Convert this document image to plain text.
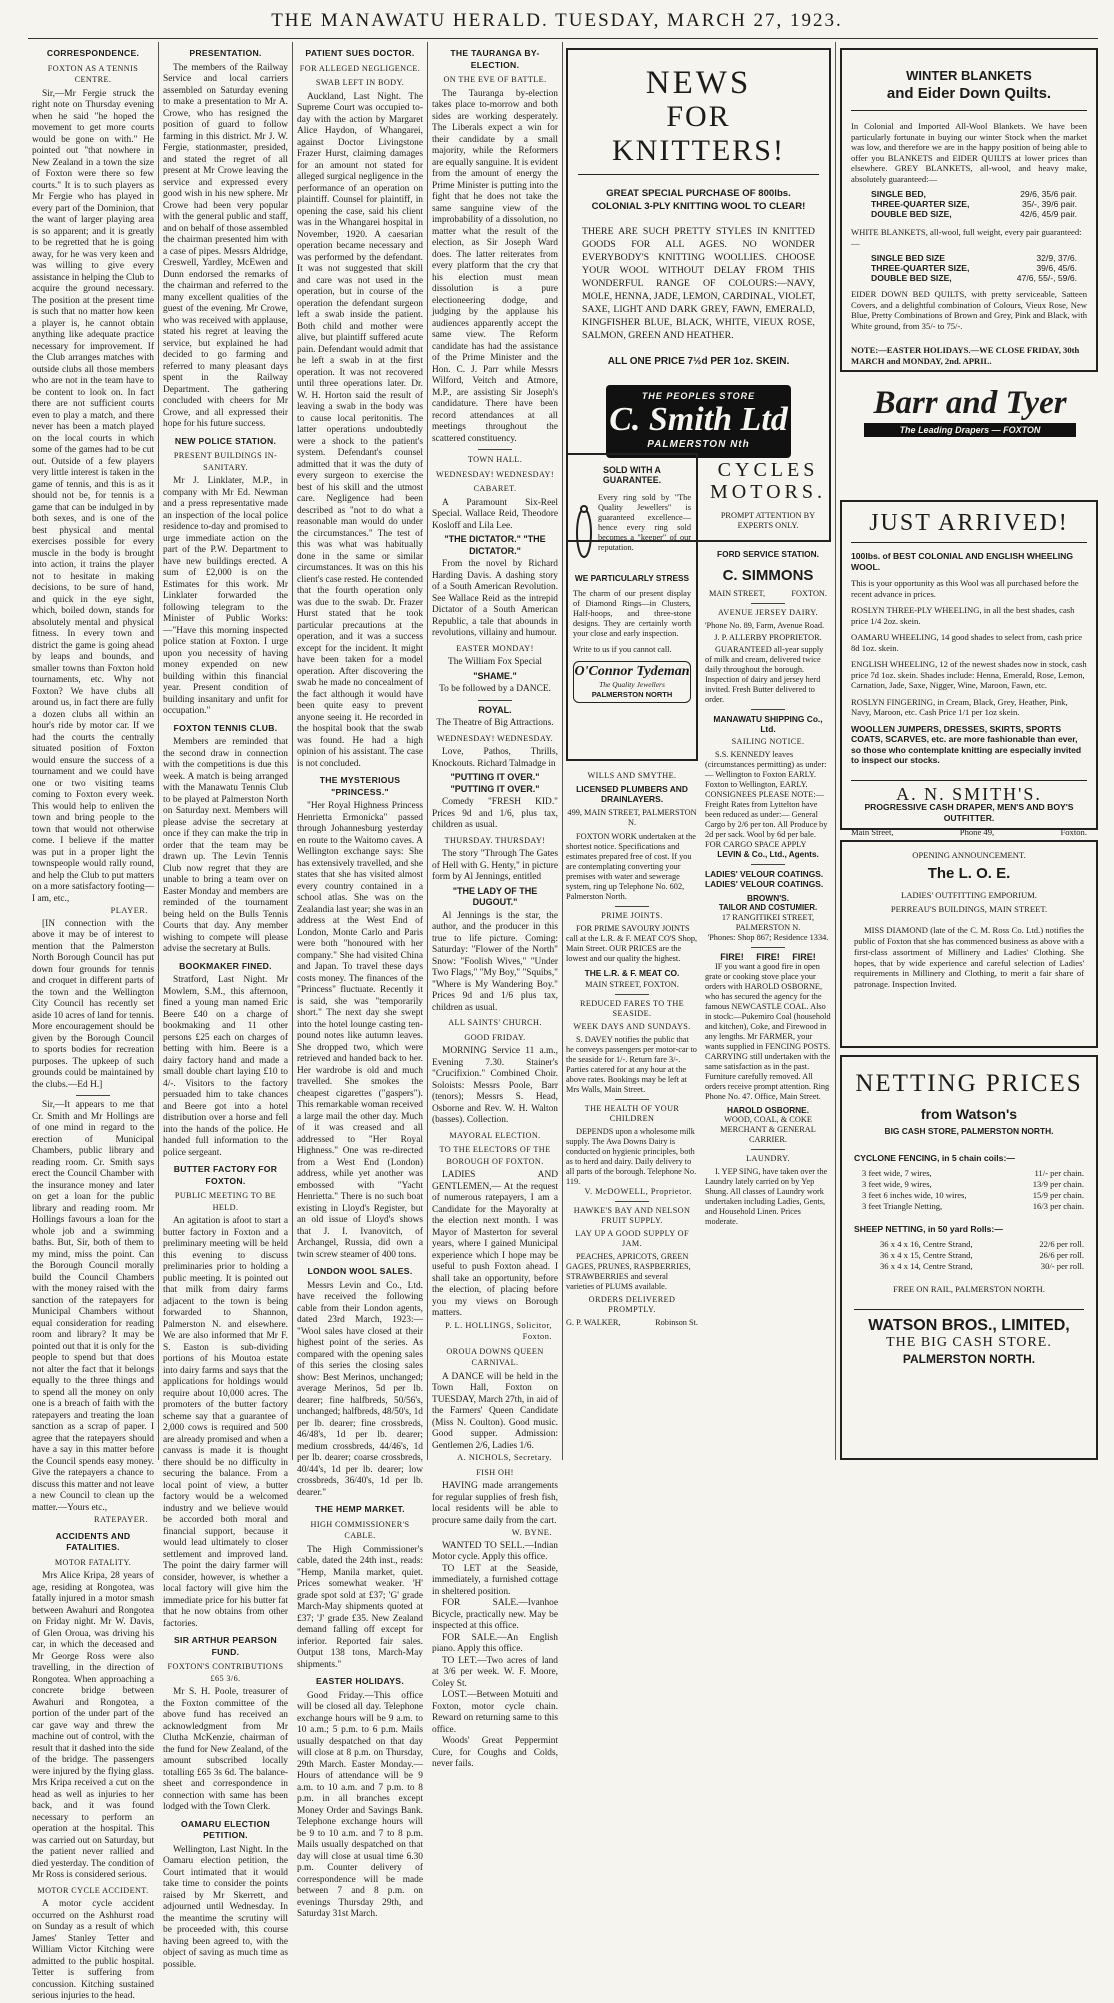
THE MANAWATU HERALD. TUESDAY, MARCH 27, 1923.
CORRESPONDENCE.
FOXTON AS A TENNIS CENTRE.

Sir,—Mr Fergie struck the right note on Thursday evening when he said "he hoped the movement to get more courts would be gone on with." He pointed out "that nowhere in New Zealand in a town the size of Foxton were there so few courts." It is to such players as Mr Fergie who has played in every part of the Dominion, that the want of larger playing area is so apparent; and it is greatly to be regretted that he is going away, for he was very keen and was willing to give every assistance in helping the Club to acquire the ground necessary. The position at the present time is such that no matter how keen a player is, he cannot obtain anything like adequate practice necessary for improvement. If the Club arranges matches with outside clubs all those members who are not in the team have to be content to look on. In fact there are not sufficient courts even to play a match, and there never has been a match played on the local courts in which some of the games had to be cut out. Outside of a few players very little interest is taken in the game of tennis, and this is as it should not be, for tennis is a game that can be indulged in by both sexes, and is one of the best physical and mental exercises possible for every muscle in the body is brought into action, it trains the player not to hesitate in making decisions, to be sure of hand, and quick in the eye sight, which, boiled down, stands for absolutely mental and physical fitness. In every town and district the game is going ahead by leaps and bounds, and smaller towns than Foxton hold tournaments, etc. Why not Foxton? We have clubs all around us, in fact there are fully a dozen clubs all within an hour's ride by motor car. If we had the courts the centrally situated position of Foxton would ensure the success of a tournament and we could have one or two visiting teams coming to Foxton every week. This would help to enliven the town and bring people to the town that would not otherwise come. I believe if the matter was put in a proper light the townspeople would rally round, and help the Club to put matters on a more satisfactory footing—I am, etc.,

PLAYER.

[IN connection with the above it may be of interest to mention that the Palmerston North Borough Council has put down four grounds for tennis and croquet in different parts of the town and the Wellington City Council has recently set aside 10 acres of land for tennis. More encouragement should be given by the Borough Council to sports bodies for recreation purposes. The upkeep of such grounds could be maintained by the clubs.—Ed H.]

Sir,—It appears to me that Cr. Smith and Mr Hollings are of one mind in regard to the erection of Municipal Chambers, public library and reading room. Cr. Smith says erect the Council Chamber with the insurance money and later on get a loan for the public library and reading room. Mr Hollings favours a loan for the whole job and a swimming baths. But, Sir, both of them to my mind, miss the point. Can the Borough Council morally build the Council Chambers with the money raised with the sanction of the ratepayers for Municipal Chambers without equal consideration for reading room and library? It may be pointed out that it is only for the people to spend but that does not alter the fact that it belongs equally to the three things and to spend all the money on only one is a breach of faith with the ratepayers and treating the loan sanction as a scrap of paper. I agree that the ratepayers should have a say in this matter before the Council spends easy money. Give the ratepayers a chance to discuss this matter and not leave a new Council to clean up the matter.—Yours etc.,

RATEPAYER.
ACCIDENTS AND FATALITIES.
MOTOR FATALITY.

Mrs Alice Kripa, 28 years of age, residing at Rongotea, was fatally injured in a motor smash between Awahuri and Rongotea on Friday night. Mr W. Davis, of Glen Oroua, was driving his car, in which the deceased and Mr George Ross were also travelling, in the direction of Rongotea. When approaching a concrete bridge between Awahuri and Rongotea, a portion of the under part of the car gave way and threw the machine out of control, with the result that it dashed into the side of the bridge. The passengers were injured by the flying glass. Mrs Kripa received a cut on the head as well as injuries to her back, and it was found necessary to perform an operation at the hospital. This was carried out on Saturday, but the patient never rallied and died yesterday. The condition of Mr Ross is considered serious.

MOTOR CYCLE ACCIDENT.

A motor cycle accident occurred on the Ashhurst road on Sunday as a result of which James' Stanley Tetter and William Victor Kitching were admitted to the public hospital. Tetter is suffering from concussion. Kitching sustained serious injuries to the head.

PRESENTATION.

The members of the Railway Service and local carriers assembled on Saturday evening to make a presentation to Mr A. Crowe, who has resigned the position of guard to follow farming in this district. Mr J. W. Fergie, stationmaster, presided, and stated the regret of all present at Mr Crowe leaving the service and expressed every good wish in his new sphere. Mr Crowe had been very popular with the general public and staff, and on behalf of those assembled the chairman presented him with a case of pipes. Messrs Aldridge, Creswell, Yardley, McEwen and Dunn endorsed the remarks of the chairman and referred to the many excellent qualities of the guest of the evening. Mr Crowe, who was received with applause, stated his regret at leaving the service, but explained he had decided to go farming and referred to many pleasant days spent in the Railway Department. The gathering concluded with cheers for Mr Crowe, and all expressed their hope for his future success.

NEW POLICE STATION.
PRESENT BUILDINGS IN-SANITARY.

Mr J. Linklater, M.P., in company with Mr Ed. Newman and a press representative made an inspection of the local police residence to-day and promised to urge immediate action on the part of the P.W. Department to have new buildings erected. A sum of £2,000 is on the Estimates for this work. Mr Linklater forwarded the following telegram to the Minister of Public Works:—"Have this morning inspected police station at Foxton. I urge upon you necessity of having money expended on new building within this financial year. Present condition of building insanitary and unfit for occupation."

FOXTON TENNIS CLUB.

Members are reminded that the second draw in connection with the competitions is due this week. A match is being arranged with the Manawatu Tennis Club to be played at Palmerston North on Saturday next. Members will please advise the secretary at once if they can make the trip in order that the team may be drawn up. The Levin Tennis Club now regret that they are unable to bring a team over on Easter Monday and members are reminded of the tournament being held on the Bulls Tennis Courts that day. Any member wishing to compete will please advise the secretary at Bulls.

BOOKMAKER FINED.

Stratford, Last Night. Mr Mowlem, S.M., this afternoon, fined a young man named Eric Beere £40 on a charge of bookmaking and 11 other persons £25 each on charges of betting with him. Beere is a dairy factory hand and made a small double chart laying £10 to 4/-. Visitors to the factory persuaded him to take chances and Beere got into a hotel distribution over a horse and fell into the hands of the police. He handed full information to the police sergeant.

BUTTER FACTORY FOR FOXTON.
PUBLIC MEETING TO BE HELD.

An agitation is afoot to start a butter factory in Foxton and a preliminary meeting will be held this evening to discuss preliminaries prior to holding a public meeting. It is pointed out that milk from dairy farms adjacent to the town is being forwarded to Shannon, Palmerston N. and elsewhere. We are also informed that Mr F. S. Easton is sub-dividing portions of his Moutoa estate into dairy farms and says that the applications for holdings would require about 10,000 acres. The promoters of the butter factory scheme say that a guarantee of 2,000 cows is required and 500 are already promised and when a canvass is made it is thought there should be no difficulty in securing the balance. From a local point of view, a butter factory would be a welcomed industry and we believe would be accorded both moral and financial support, because it would lead ultimately to closer settlement and improved land. The point the dairy farmer will consider, however, is whether a local factory will give him the immediate price for his butter fat that he now obtains from other factories.

SIR ARTHUR PEARSON FUND.
FOXTON'S CONTRIBUTIONS £65 3/6.

Mr S. H. Poole, treasurer of the Foxton committee of the above fund has received an acknowledgment from Mr Clutha McKenzie, chairman of the fund for New Zealand, of the amount subscribed locally totalling £65 3s 6d. The balance-sheet and correspondence in connection with same has been lodged with the Town Clerk.

OAMARU ELECTION PETITION.

Wellington, Last Night. In the Oamaru election petition, the Court intimated that it would take time to consider the points raised by Mr Skerrett, and adjourned until Wednesday. In the meantime the scrutiny will be proceeded with, this course having been agreed to, with the object of saving as much time as possible.

PATIENT SUES DOCTOR.
FOR ALLEGED NEGLIGENCE.
SWAB LEFT IN BODY.

Auckland, Last Night. The Supreme Court was occupied to-day with the action by Margaret Alice Haydon, of Whangarei, against Doctor Livingstone Frazer Hurst, claiming damages for an amount not stated for alleged surgical negligence in the performance of an operation on plaintiff. Counsel for plaintiff, in opening the case, said his client was in the Whangarei hospital in November, 1920. A caesarian operation became necessary and was performed by the defendant. It was not suggested that skill and care was not used in the operation, but in course of the operation the defendant surgeon left a swab inside the patient. Both child and mother were alive, but plaintiff suffered acute pain. Defendant would admit that he left a swab in at the first operation. It was not recovered until three operations later. Dr. W. H. Horton said the result of leaving a swab in the body was to cause local peritonitis. The latter operations undoubtedly were a shock to the patient's system. Defendant's counsel admitted that it was the duty of every surgeon to exercise the best of his skill and the utmost care. Negligence had been described as "not to do what a reasonable man would do under the circumstances." The test of this was what was habitually done in the same or similar circumstances. It was on this his client's case rested. He contended that the fourth operation only was due to the swab. Dr. Frazer Hurst stated that he took particular precautions at the operation, and it was a success except for the incident. It might have been taken for a model operation. After discovering the swab he made no concealment of the fact although it would have been quite easy to prevent anyone seeing it. He recorded in the hospital book that the swab was found. He had a high opinion of his assistant. The case is not concluded.

THE MYSTERIOUS "PRINCESS."

"Her Royal Highness Princess Henrietta Ermonicka" passed through Johannesburg yesterday en route to the Waitomo caves. A Wellington exchange says: She has extensively travelled, and she states that she has visited almost every country contained in a school atlas. She was on the Zealandia last year; she was in an address at the West End of London, Monte Carlo and Paris were both "honoured with her company." She had visited China and Japan. To travel these days costs money. The finances of the "Princess" fluctuate. Recently it is said, she was "temporarily short." The next day she swept into the hotel lounge casting ten-pound notes like autumn leaves. She dropped two, which were retrieved and handed back to her. Her wardrobe is old and much travelled. She smokes the cheapest cigarettes ("gaspers"). This remarkable woman received a large mail the other day. Much of it was creased and all addressed to "Her Royal Highness." One was re-directed from a West End (London) address, while yet another was embossed with "Yacht Henrietta." There is no such boat existing in Lloyd's Register, but an old issue of Lloyd's shows that J. I. Ivanovitch, of Archangel, Russia, did own a twin screw steamer of 400 tons.

LONDON WOOL SALES.

Messrs Levin and Co., Ltd. have received the following cable from their London agents, dated 23rd March, 1923:— "Wool sales have closed at their highest point of the series. As compared with the opening sales of this series the closing sales show: Best Merinos, unchanged; average Merinos, 5d per lb. dearer; fine halfbreds, 50/56's, unchanged; halfbreds, 48/50's, 1d per lb. dearer; fine crossbreds, 46/48's, 1d per lb. dearer; medium crossbreds, 44/46's, 1d per lb. dearer; coarse crossbreds, 40/44's, 1d per lb. dearer; low crossbreds, 36/40's, 1d per lb. dearer."

THE HEMP MARKET.
HIGH COMMISSIONER'S CABLE.

The High Commissioner's cable, dated the 24th inst., reads: "Hemp, Manila market, quiet. Prices somewhat weaker. 'H' grade spot sold at £37; 'G' grade March-May shipments quoted at £37; 'J' grade £35. New Zealand demand falling off except for inferior. Reported fair sales. Output 138 tons, March-May shipments."

EASTER HOLIDAYS.

Good Friday.—This office will be closed all day. Telephone exchange hours will be 9 a.m. to 10 a.m.; 5 p.m. to 6 p.m. Mails usually despatched on that day will close at 8 p.m. on Thursday, 29th March. Easter Monday.—Hours of attendance will be 9 a.m. to 10 a.m. and 7 p.m. to 8 p.m. in all branches except Money Order and Savings Bank. Telephone exchange hours will be 9 to 10 a.m. and 7 to 8 p.m. Mails usually despatched on that day will close at usual time 6.30 p.m. Counter delivery of correspondence will be made between 7 and 8 p.m. on evenings Thursday 29th, and Saturday 31st March.

THE TAURANGA BY-ELECTION.
ON THE EVE OF BATTLE.

The Tauranga by-election takes place to-morrow and both sides are working desperately. The Liberals expect a win for their candidate by a small majority, while the Reformers are equally sanguine. It is evident from the amount of energy the Prime Minister is putting into the fight that he does not take the same sanguine view of the improbability of a dissolution, no matter what the result of the election, as Sir Joseph Ward does. The latter reiterates from every platform that the cry that his election must mean dissolution is a pure electioneering dodge, and judging by the applause his audiences apparently accept the same view. The Reform candidate has had the assistance of the Prime Minister and the Hon. C. J. Parr while Messrs Wilford, Veitch and Atmore, M.P., are assisting Sir Joseph's candidature. There have been record attendances at all meetings throughout the scattered constituency.

TOWN HALL.
WEDNESDAY! WEDNESDAY!
CABARET.

A Paramount Six-Reel Special. Wallace Reid, Theodore Kosloff and Lila Lee.

"THE DICTATOR." "THE DICTATOR."

From the novel by Richard Harding Davis. A dashing story of a South American Revolution. See Wallace Reid as the intrepid Dictator of a South American Republic, a tale that abounds in revolutions, villainy and humour.

EASTER MONDAY!
The William Fox Special
"SHAME."
To be followed by a DANCE.
ROYAL.
The Theatre of Big Attractions.
WEDNESDAY! WEDNESDAY.

Love, Pathos, Thrills, Knockouts. Richard Talmadge in

"PUTTING IT OVER." "PUTTING IT OVER."

Comedy "FRESH KID." Prices 9d and 1/6, plus tax, children as usual.

THURSDAY. THURSDAY!

The story "Through The Gates of Hell with G. Henty," in picture form by Al Jennings, entitled

"THE LADY OF THE DUGOUT."

Al Jennings is the star, the author, and the producer in this true to life picture. Coming: Saturday: "Flower of the North" Snow: "Foolish Wives," "Under Two Flags," "My Boy," "Squibs," "Where is My Wandering Boy." Prices 9d and 1/6 plus tax, children as usual.

ALL SAINTS' CHURCH.
GOOD FRIDAY.

MORNING Service 11 a.m., Evening 7.30. Stainer's "Crucifixion." Combined Choir. Soloists: Messrs Poole, Barr (tenors); Messrs S. Head, Osborne and Rev. W. H. Walton (basses). Collection.

MAYORAL ELECTION.
TO THE ELECTORS OF THE BOROUGH OF FOXTON.

LADIES AND GENTLEMEN,— At the request of numerous ratepayers, I am a Candidate for the Mayoralty at the election next month. I was Mayor of Masterton for several years, where I gained Municipal experience which I hope may be useful to push Foxton ahead. I shall take an opportunity, before the election, of placing before you my views on Borough matters.

P. L. HOLLINGS, Solicitor, Foxton.
OROUA DOWNS QUEEN CARNIVAL.

A DANCE will be held in the Town Hall, Foxton on TUESDAY, March 27th, in aid of the Farmers' Queen Candidate (Miss N. Coulton). Good music. Good supper. Admission: Gentlemen 2/6, Ladies 1/6.

A. NICHOLS, Secretary.
FISH OH!

HAVING made arrangements for regular supplies of fresh fish, local residents will be able to procure same daily from the cart.

W. BYNE.

WANTED TO SELL.—Indian Motor cycle. Apply this office.

TO LET at the Seaside, immediately, a furnished cottage in sheltered position.

FOR SALE.—Ivanhoe Bicycle, practically new. May be inspected at this office.

FOR SALE.—An English piano. Apply this office.

TO LET.—Two acres of land at 3/6 per week. W. F. Moore, Coley St.

LOST.—Between Motuiti and Foxton, motor cycle chain. Reward on returning same to this office.

Woods' Great Peppermint Cure, for Coughs and Colds, never fails.

NEWS
FOR KNITTERS!
GREAT SPECIAL PURCHASE OF 800lbs. COLONIAL 3-PLY KNITTING WOOL TO CLEAR!
THERE ARE SUCH PRETTY STYLES IN KNITTED GOODS FOR ALL AGES. NO WONDER EVERYBODY'S KNITTING WOOLLIES. CHOOSE YOUR WOOL WITHOUT DELAY FROM THIS WONDERFUL RANGE OF COLOURS:—NAVY, MOLE, HENNA, JADE, LEMON, CARDINAL, VIOLET, SAXE, LIGHT AND DARK GREY, FAWN, EMERALD, KINGFISHER BLUE, BLACK, WHITE, VIEUX ROSE, SALMON, GREEN AND HEATHER.
ALL ONE PRICE 7½d PER 1oz. SKEIN.
THE PEOPLES STORE
C. Smith Ltd
PALMERSTON Nth
WINTER BLANKETS
and Eider Down Quilts.
In Colonial and Imported All-Wool Blankets. We have been particularly fortunate in buying our winter Stock when the market was low, and therefore we are in the happy position of being able to offer you BLANKETS and EIDER QUILTS at lower prices than elsewhere. GREY BLANKETS, all-wool, and heavy make, absolutely guaranteed:—
SINGLE BED,	29/6, 35/6 pair.
THREE-QUARTER SIZE,	35/-, 39/6 pair.
DOUBLE BED SIZE,	42/6, 45/9 pair.
WHITE BLANKETS, all-wool, full weight, every pair guaranteed:—
SINGLE BED SIZE	32/9, 37/6.
THREE-QUARTER SIZE,	39/6, 45/6.
DOUBLE BED SIZE,	47/6, 55/-, 59/6.
EIDER DOWN BED QUILTS, with pretty serviceable, Satteen Covers, and a delightful combination of Colours, Vieux Rose, New Blue, Pretty Combinations of Brown and Grey, Pink and Black, with White ground, from 35/- to 75/-.
NOTE:—EASTER HOLIDAYS.—WE CLOSE FRIDAY, 30th MARCH and MONDAY, 2nd. APRIL.
Barr and Tyer
The Leading Drapers — FOXTON
SOLD WITH A GUARANTEE.
Every ring sold by "The Quality Jewellers" is guaranteed excellence—hence every ring sold becomes a "keeper" of our reputation.
WE PARTICULARLY STRESS
The charm of our present display of Diamond Rings—in Clusters, Half-hoops, and three-stone designs. They are certainly worth your close and early inspection.
Write to us if you cannot call.
O'Connor Tydeman
The Quality Jewellers
PALMERSTON NORTH
WILLS AND SMYTHE.
LICENSED PLUMBERS AND DRAINLAYERS.
499, MAIN STREET, PALMERSTON N.

FOXTON WORK undertaken at the shortest notice. Specifications and estimates prepared free of cost. If you are contemplating converting your premises with water and sewerage system, ring up Telephone No. 602, Palmerston North.

PRIME JOINTS.

FOR PRIME SAVOURY JOINTS call at the L.R. & F. MEAT CO'S Shop, Main Street. OUR PRICES are the lowest and our quality the highest.

THE L.R. & F. MEAT CO.
MAIN STREET, FOXTON.
REDUCED FARES TO THE SEASIDE.
WEEK DAYS AND SUNDAYS.

S. DAVEY notifies the public that he conveys passengers per motor-car to the seaside for 1/-. Return fare 3/-. Parties catered for at any hour at the above rates. Bookings may be left at Mrs Walls, Main Street.

THE HEALTH OF YOUR CHILDREN

DEPENDS upon a wholesome milk supply. The Awa Downs Dairy is conducted on hygienic principles, both as to herd and dairy. Daily delivery to all parts of the borough. Telephone No. 119.

V. McDOWELL, Proprietor.
HAWKE'S BAY AND NELSON FRUIT SUPPLY.
LAY UP A GOOD SUPPLY OF JAM.

PEACHES, APRICOTS, GREEN GAGES, PRUNES, RASPBERRIES, STRAWBERRIES and several varieties of PLUMS available.

ORDERS DELIVERED PROMPTLY.
G. P. WALKER,	Robinson St.
CYCLES
MOTORS.
PROMPT ATTENTION BY EXPERTS ONLY.
FORD SERVICE STATION.
C. SIMMONS
MAIN STREET,	FOXTON.
AVENUE JERSEY DAIRY.
'Phone No. 89, Farm, Avenue Road.
J. P. ALLERBY PROPRIETOR.

GUARANTEED all-year supply of milk and cream, delivered twice daily throughout the borough. Inspection of dairy and jersey herd invited. Fresh Butter delivered to order.

MANAWATU SHIPPING Co., Ltd.
SAILING NOTICE.

S.S. KENNEDY leaves (circumstances permitting) as under:— Wellington to Foxton EARLY. Foxton to Wellington, EARLY. CONSIGNEES PLEASE NOTE:—Freight Rates from Lyttelton have been reduced as under:— General Cargo by 2/6 per ton. All Produce by 2d per sack. Wool by 6d per bale. FOR CARGO SPACE APPLY

LEVIN & Co., Ltd., Agents.
LADIES' VELOUR COATINGS.
LADIES' VELOUR COATINGS.
BROWN'S.
TAILOR AND COSTUMIER.
17 RANGITIKEI STREET, PALMERSTON N.
'Phones: Shop 867; Residence 1334.
FIRE! FIRE! FIRE!

IF you want a good fire in open grate or cooking stove place your orders with HAROLD OSBORNE, who has secured the agency for the famous NEWCASTLE COAL. Also in stock:—Pukemiro Coal (household and kitchen), Coke, and Firewood in any lengths. Mr FARMER, your wants supplied in FENCING POSTS. CARRYING still undertaken with the same satisfaction as in the past. Furniture carefully removed. All orders receive prompt attention. Ring Phone No. 47. Office, Main Street.

HAROLD OSBORNE.
WOOD, COAL, & COKE MERCHANT & GENERAL CARRIER.
LAUNDRY.

I. YEP SING, have taken over the Laundry lately carried on by Yep Shung. All classes of Laundry work undertaken including Ladies, Gents, and Household Linen. Prices moderate.

JUST ARRIVED!
100lbs. of BEST COLONIAL AND ENGLISH WHEELING WOOL.
This is your opportunity as this Wool was all purchased before the recent advance in prices.
ROSLYN THREE-PLY WHEELING, in all the best shades, cash price 1/4 2oz. skein.
OAMARU WHEELING, 14 good shades to select from, cash price 8d 1oz. skein.
ENGLISH WHEELING, 12 of the newest shades now in stock, cash price 7d 1oz. skein. Shades include: Henna, Emerald, Rose, Lemon, Carnation, Jade, Saxe, Nigger, Wine, Maroon, Fawn, etc.
ROSLYN FINGERING, in Cream, Black, Grey, Heather, Pink, Navy, Maroon, etc. Cash Price 1/1 per 1oz skein.
WOOLLEN JUMPERS, DRESSES, SKIRTS, SPORTS COATS, SCARVES, etc. are more fashionable than ever, so those who contemplate knitting are especially invited to inspect our stocks.
A. N. SMITH'S.
PROGRESSIVE CASH DRAPER, MEN'S AND BOY'S OUTFITTER.
Main Street,	Phone 49,	Foxton.
OPENING ANNOUNCEMENT.
The L. O. E.
LADIES' OUTFITTING EMPORIUM.
PERREAU'S BUILDINGS, MAIN STREET.

MISS DIAMOND (late of the C. M. Ross Co. Ltd.) notifies the public of Foxton that she has commenced business as above with a first-class assortment of Millinery and Ladies' Clothing. She hopes, that by wide experience and careful selection of Ladies' requirements in Millinery and Clothing, to merit a fair share of patronage. Inspection Invited.

NETTING PRICES
from Watson's
BIG CASH STORE, PALMERSTON NORTH.
CYCLONE FENCING, in 5 chain coils:—
3 feet wide, 7 wires,	11/- per chain.
3 feet wide, 9 wires,	13/9 per chain.
3 feet 6 inches wide, 10 wires,	15/9 per chain.
3 feet Triangle Netting,	16/3 per chain.
SHEEP NETTING, in 50 yard Rolls:—
36 x 4 x 16, Centre Strand,	22/6 per roll.
36 x 4 x 15, Centre Strand,	26/6 per roll.
36 x 4 x 14, Centre Strand,	30/- per roll.
FREE ON RAIL, PALMERSTON NORTH.
WATSON BROS., LIMITED,
THE BIG CASH STORE.
PALMERSTON NORTH.
